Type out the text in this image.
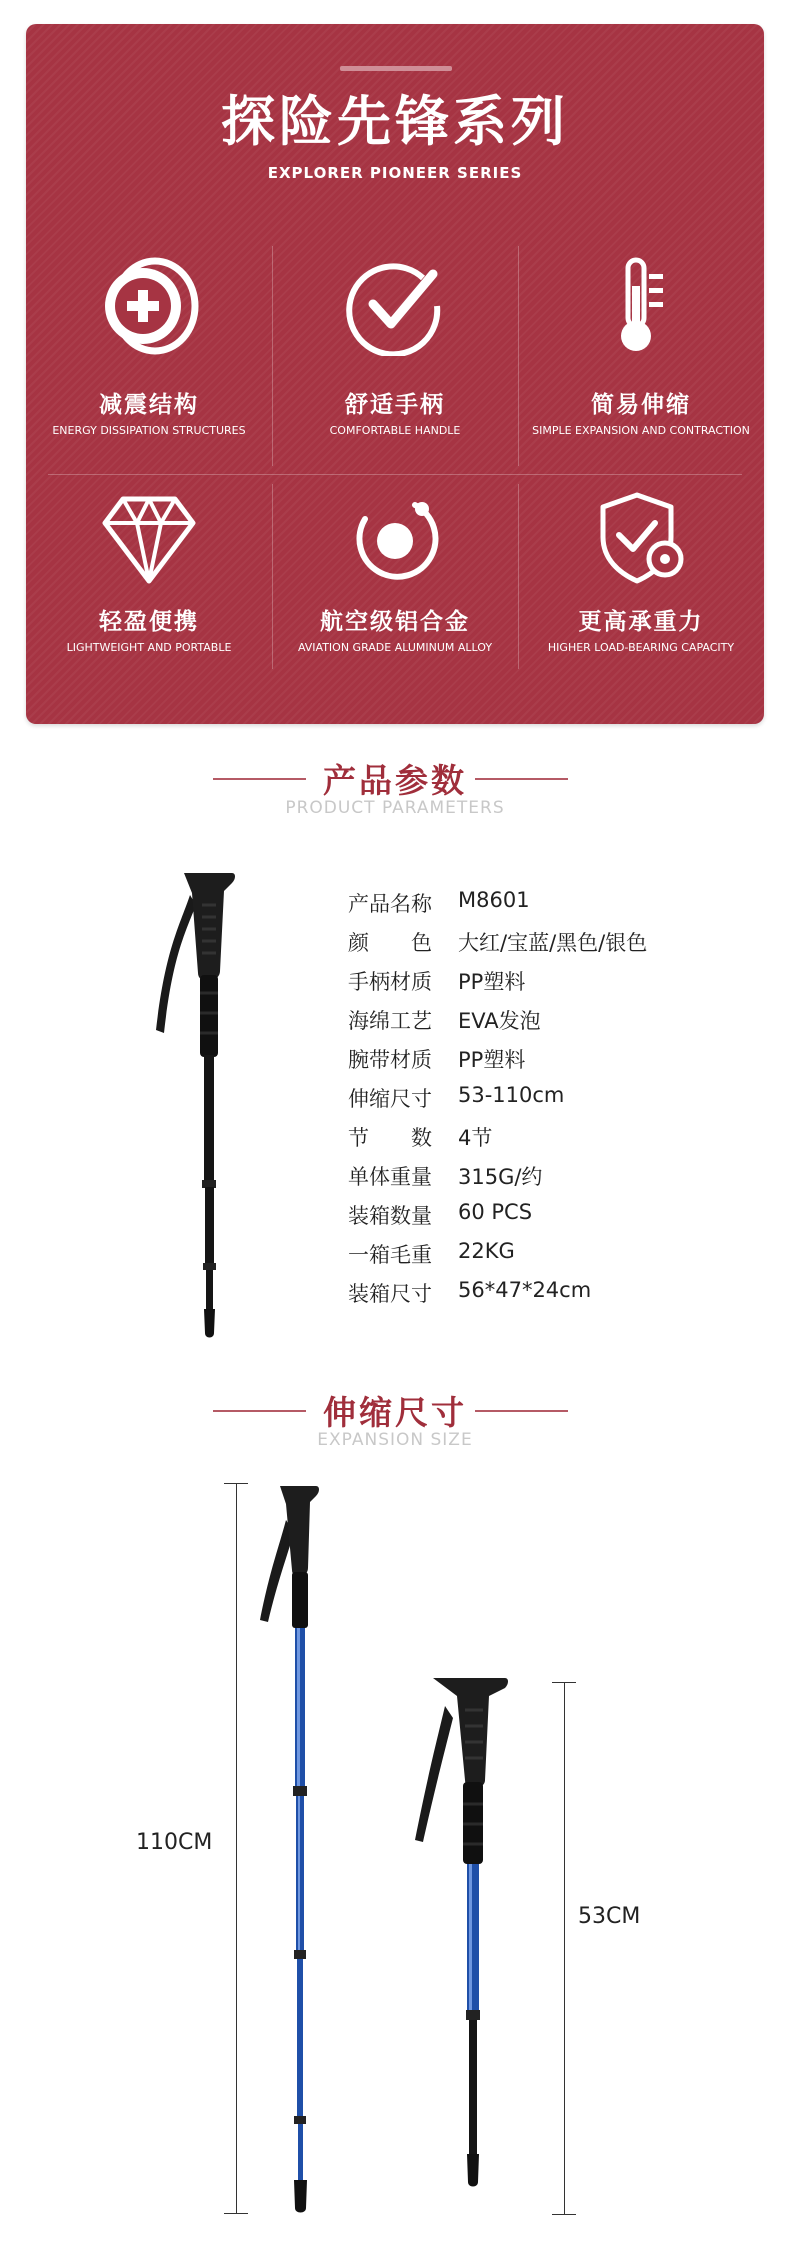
探险先锋系列
EXPLORER PIONEER SERIES
减震结构
ENERGY DISSIPATION STRUCTURES
舒适手柄
COMFORTABLE HANDLE
简易伸缩
SIMPLE EXPANSION AND CONTRACTION
轻盈便携
LIGHTWEIGHT AND PORTABLE
航空级铝合金
AVIATION GRADE ALUMINUM ALLOY
更高承重力
HIGHER LOAD-BEARING CAPACITY
产品参数
PRODUCT PARAMETERS
产品名称	M8601
颜　　色	大红/宝蓝/黑色/银色
手柄材质	PP塑料
海绵工艺	EVA发泡
腕带材质	PP塑料
伸缩尺寸	53-110cm
节　　数	4节
单体重量	315G/约
装箱数量	60 PCS
一箱毛重	22KG
装箱尺寸	56*47*24cm
伸缩尺寸
EXPANSION SIZE
110CM
53CM
